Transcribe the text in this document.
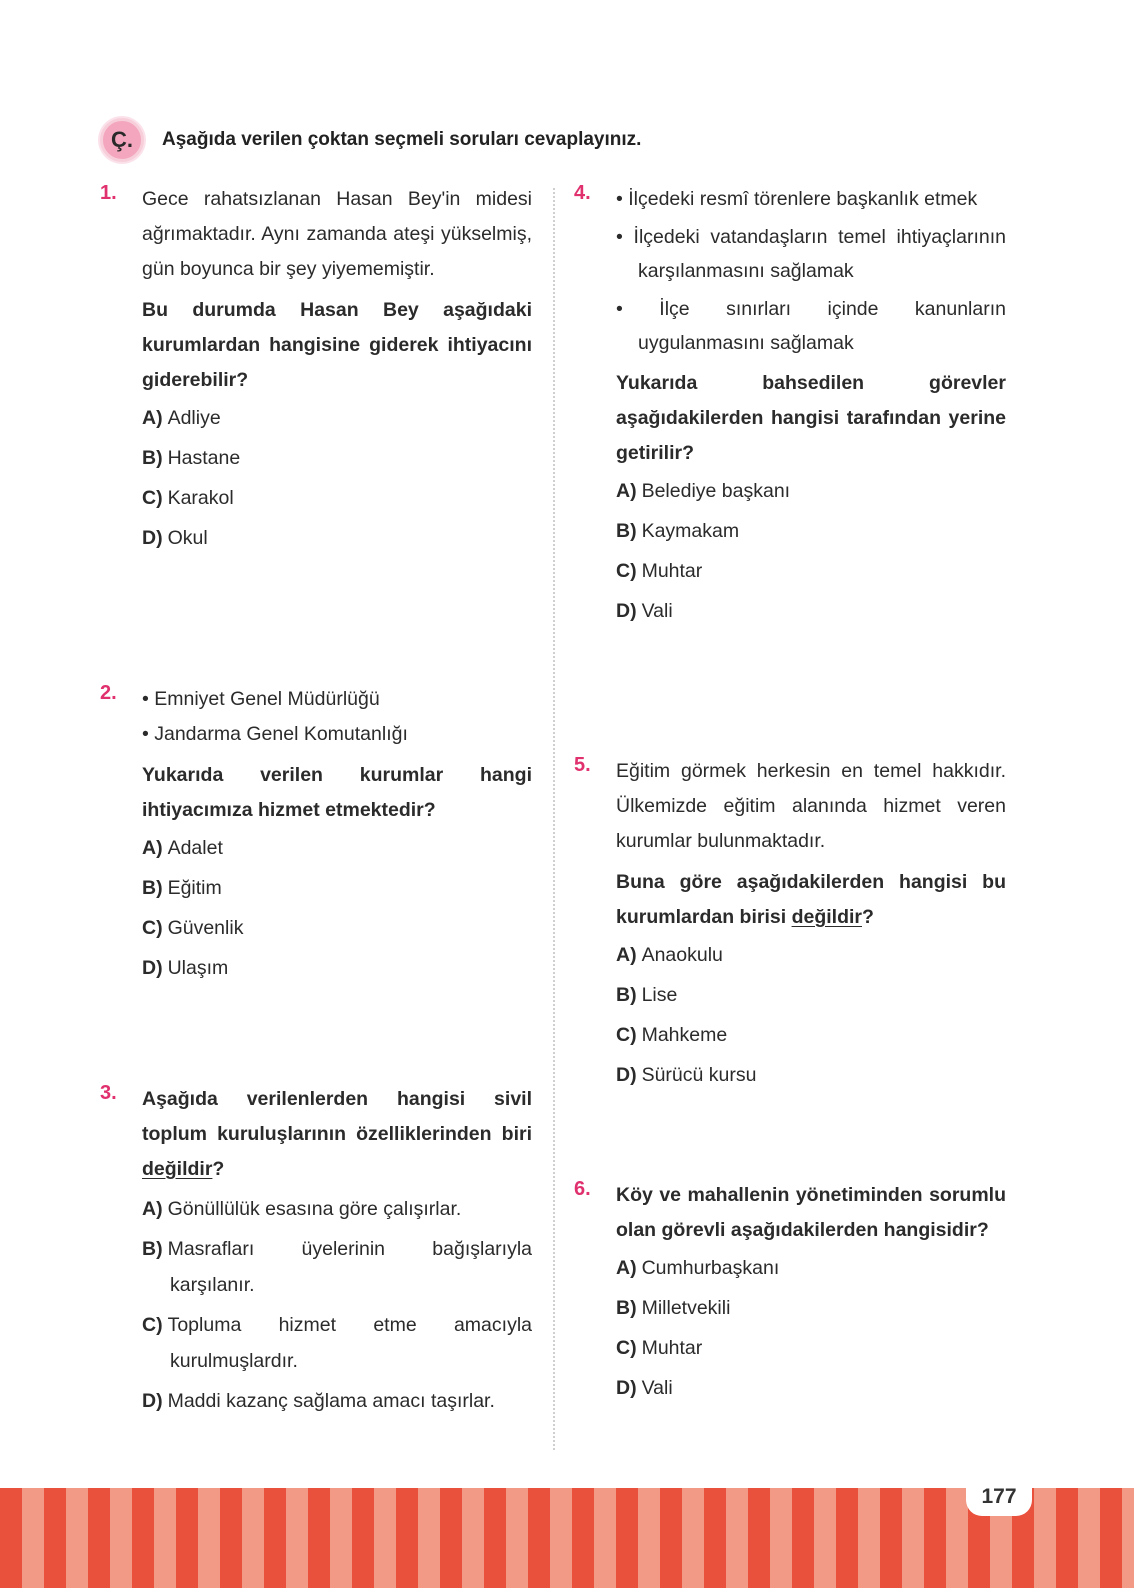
Ç.	Aşağıda verilen çoktan seçmeli soruları cevaplayınız.
1. Gece rahatsızlanan Hasan Bey'in midesi ağrımaktadır. Aynı zamanda ateşi yükselmiş, gün boyunca bir şey yiyememiştir.
Bu durumda Hasan Bey aşağıdaki kurumlardan hangisine giderek ihtiyacını giderebilir?
A) Adliye
B) Hastane
C) Karakol
D) Okul
2. • Emniyet Genel Müdürlüğü
• Jandarma Genel Komutanlığı
Yukarıda verilen kurumlar hangi ihtiyacımıza hizmet etmektedir?
A) Adalet
B) Eğitim
C) Güvenlik
D) Ulaşım
3. Aşağıda verilenlerden hangisi sivil toplum kuruluşlarının özelliklerinden biri değildir?
A) Gönüllülük esasına göre çalışırlar.
B) Masrafları üyelerinin bağışlarıyla karşılanır.
C) Topluma hizmet etme amacıyla kurulmuşlardır.
D) Maddi kazanç sağlama amacı taşırlar.
4. • İlçedeki resmî törenlere başkanlık etmek
• İlçedeki vatandaşların temel ihtiyaçlarının karşılanmasını sağlamak
• İlçe sınırları içinde kanunların uygulanmasını sağlamak
Yukarıda bahsedilen görevler aşağıdakilerden hangisi tarafından yerine getirilir?
A) Belediye başkanı
B) Kaymakam
C) Muhtar
D) Vali
5. Eğitim görmek herkesin en temel hakkıdır. Ülkemizde eğitim alanında hizmet veren kurumlar bulunmaktadır.
Buna göre aşağıdakilerden hangisi bu kurumlardan birisi değildir?
A) Anaokulu
B) Lise
C) Mahkeme
D) Sürücü kursu
6. Köy ve mahallenin yönetiminden sorumlu olan görevli aşağıdakilerden hangisidir?
A) Cumhurbaşkanı
B) Milletvekili
C) Muhtar
D) Vali
177
